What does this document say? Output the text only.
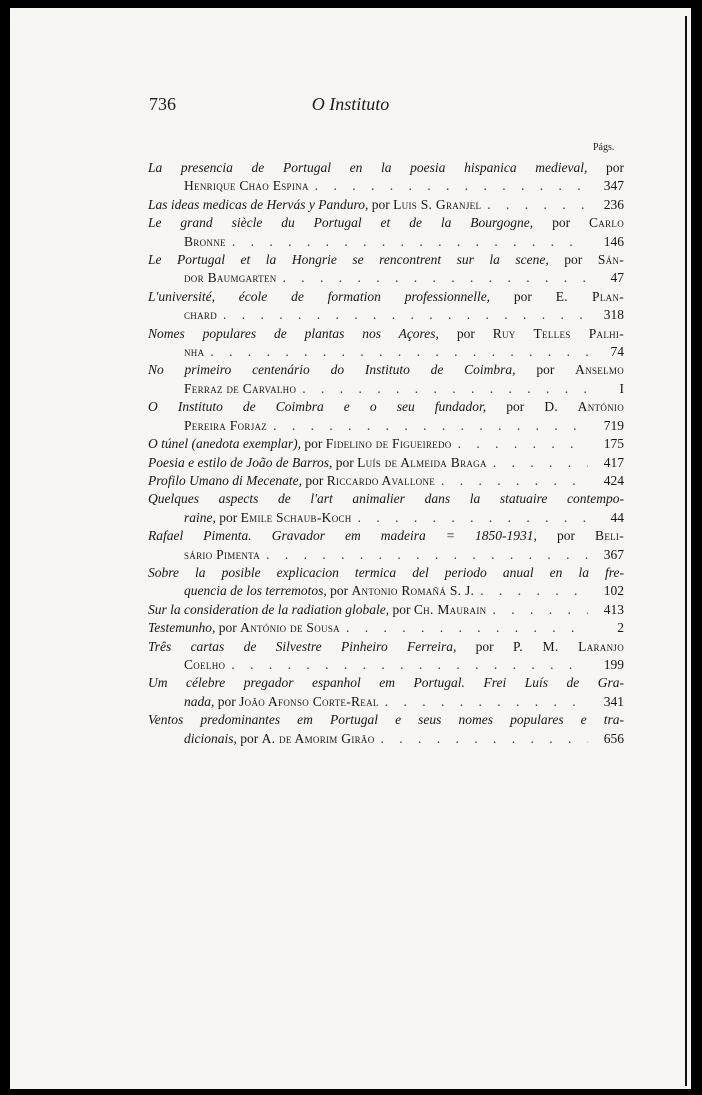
736	O Instituto
Págs.
La presencia de Portugal en la poesia hispanica medieval, por
Henrique Chao Espina . . .	347
Las ideas medicas de Hervás y Panduro,
por
Luis S. Granjel . . .	236
Le grand siècle du Portugal et de la Bourgogne, por Carlo
Bronne . . .	146
Le Portugal et la Hongrie se rencontrent sur la scene, por Sán-
dor Baumgarten . . .	47
L'université, école de formation professionnelle, por E. Plan-
chard . . .	318
Nomes populares de plantas nos Açores, por Ruy Telles Palhi-
nha . . .	74
No primeiro centenário do Instituto de Coimbra, por Anselmo
Ferraz de Carvalho . . .	I
O Instituto de Coimbra e o seu fundador, por D. António
Pereira Forjaz . . .	719
O túnel (anedota exemplar),
por
Fidelino de Figueiredo . . .	175
Poesia e estilo de João de Barros,
por
Luís de Almeida Braga . . .	417
Profilo Umano di Mecenate,
por
Riccardo Avallone . . .	424
Quelques aspects de l'art animalier dans la statuaire contempo-
raine,
por
Emile Schaub-Koch . . .	44
Rafael Pimenta. Gravador em madeira = 1850-1931, por Beli-
sário Pimenta . . .	367
Sobre la posible explicacion termica del periodo anual en la fre-
quencia de los terremotos,
por
Antonio Romañá S. J. . . .	102
Sur la consideration de la radiation globale,
por
Ch. Maurain . . .	413
Testemunho,
por
António de Sousa . . .	2
Três cartas de Silvestre Pinheiro Ferreira, por P. M. Laranjo
Coelho . . .	199
Um célebre pregador espanhol em Portugal. Frei Luís de Gra-
nada,
por
João Afonso Corte-Real . . .	341
Ventos predominantes em Portugal e seus nomes populares e tra-
dicionais,
por
A. de Amorim Girão . . .	656
